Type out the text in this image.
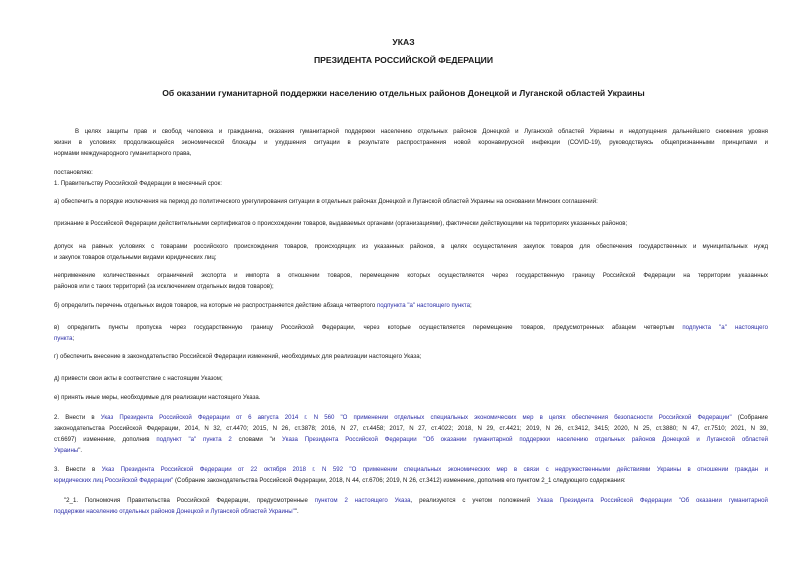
УКАЗ
ПРЕЗИДЕНТА РОССИЙСКОЙ ФЕДЕРАЦИИ
Об оказании гуманитарной поддержки населению отдельных районов Донецкой и Луганской областей Украины
В целях защиты прав и свобод человека и гражданина, оказания гуманитарной поддержки населению отдельных районов Донецкой и Луганской областей Украины и недопущения дальнейшего снижения уровня
жизни в условиях продолжающейся экономической блокады и ухудшения ситуации в результате распространения новой коронавирусной инфекции (COVID-19), руководствуясь общепризнанными принципами и
нормами международного гуманитарного права,
постановляю:
1. Правительству Российской Федерации в месячный срок:
а) обеспечить в порядке исключения на период до политического урегулирования ситуации в отдельных районах Донецкой и Луганской областей Украины на основании Минских соглашений:
признание в Российской Федерации действительными сертификатов о происхождении товаров, выдаваемых органами (организациями), фактически действующими на территориях указанных районов;
допуск на равных условиях с товарами российского происхождения товаров, происходящих из указанных районов, в целях осуществления закупок товаров для обеспечения государственных и муниципальных нужд
и закупок товаров отдельными видами юридических лиц;
неприменение количественных ограничений экспорта и импорта в отношении товаров, перемещение которых осуществляется через государственную границу Российской Федерации на территории указанных
районов или с таких территорий (за исключением отдельных видов товаров);
б) определить перечень отдельных видов товаров, на которые не распространяется действие абзаца четвертого подпункта "а" настоящего пункта;
в) определить пункты пропуска через государственную границу Российской Федерации, через которые осуществляется перемещение товаров, предусмотренных абзацем четвертым подпункта "а" настоящего
пункта;
г) обеспечить внесение в законодательство Российской Федерации изменений, необходимых для реализации настоящего Указа;
д) привести свои акты в соответствие с настоящим Указом;
е) принять иные меры, необходимые для реализации настоящего Указа.
2. Внести в Указ Президента Российской Федерации от 6 августа 2014 г. N 560 "О применении отдельных специальных экономических мер в целях обеспечения безопасности Российской Федерации" (Собрание
законодательства Российской Федерации, 2014, N 32, ст.4470; 2015, N 26, ст.3878; 2016, N 27, ст.4458; 2017, N 27, ст.4022; 2018, N 29, ст.4421; 2019, N 26, ст.3412, 3415; 2020, N 25, ст.3880; N 47, ст.7510; 2021, N 39,
ст.6697) изменение, дополнив подпункт "а" пункта 2 словами "и Указа Президента Российской Федерации "Об оказании гуманитарной поддержки населению отдельных районов Донецкой и Луганской областей
Украины".
3. Внести в Указ Президента Российской Федерации от 22 октября 2018 г. N 592 "О применении специальных экономических мер в связи с недружественными действиями Украины в отношении граждан и
юридических лиц Российской Федерации" (Собрание законодательства Российской Федерации, 2018, N 44, ст.6706; 2019, N 26, ст.3412) изменение, дополнив его пунктом 2_1 следующего содержания:
"2_1. Полномочия Правительства Российской Федерации, предусмотренные пунктом 2 настоящего Указа, реализуются с учетом положений Указа Президента Российской Федерации "Об оказании гуманитарной
поддержки населению отдельных районов Донецкой и Луганской областей Украины"".
